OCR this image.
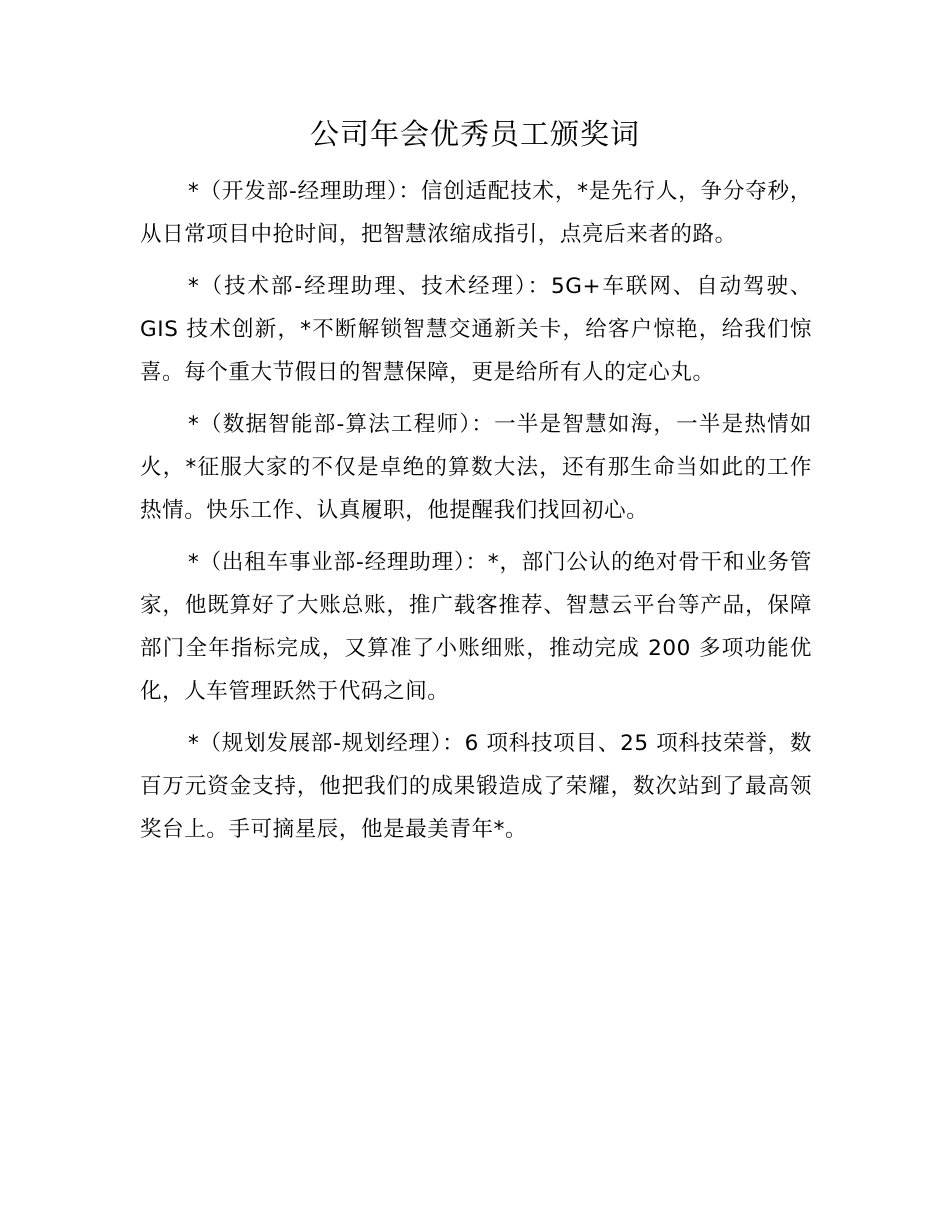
公司年会优秀员工颁奖词

*（开发部-经理助理）：信创适配技术，*是先行人，争分夺秒，从日常项目中抢时间，把智慧浓缩成指引，点亮后来者的路。

*（技术部-经理助理、技术经理）：5G+车联网、自动驾驶、GIS 技术创新，*不断解锁智慧交通新关卡，给客户惊艳，给我们惊喜。每个重大节假日的智慧保障，更是给所有人的定心丸。

*（数据智能部-算法工程师）：一半是智慧如海，一半是热情如火，*征服大家的不仅是卓绝的算数大法，还有那生命当如此的工作热情。快乐工作、认真履职，他提醒我们找回初心。

*（出租车事业部-经理助理）：*，部门公认的绝对骨干和业务管家，他既算好了大账总账，推广载客推荐、智慧云平台等产品，保障部门全年指标完成，又算准了小账细账，推动完成 200 多项功能优化，人车管理跃然于代码之间。

*（规划发展部-规划经理）：6 项科技项目、25 项科技荣誉，数百万元资金支持，他把我们的成果锻造成了荣耀，数次站到了最高领奖台上。手可摘星辰，他是最美青年*。
